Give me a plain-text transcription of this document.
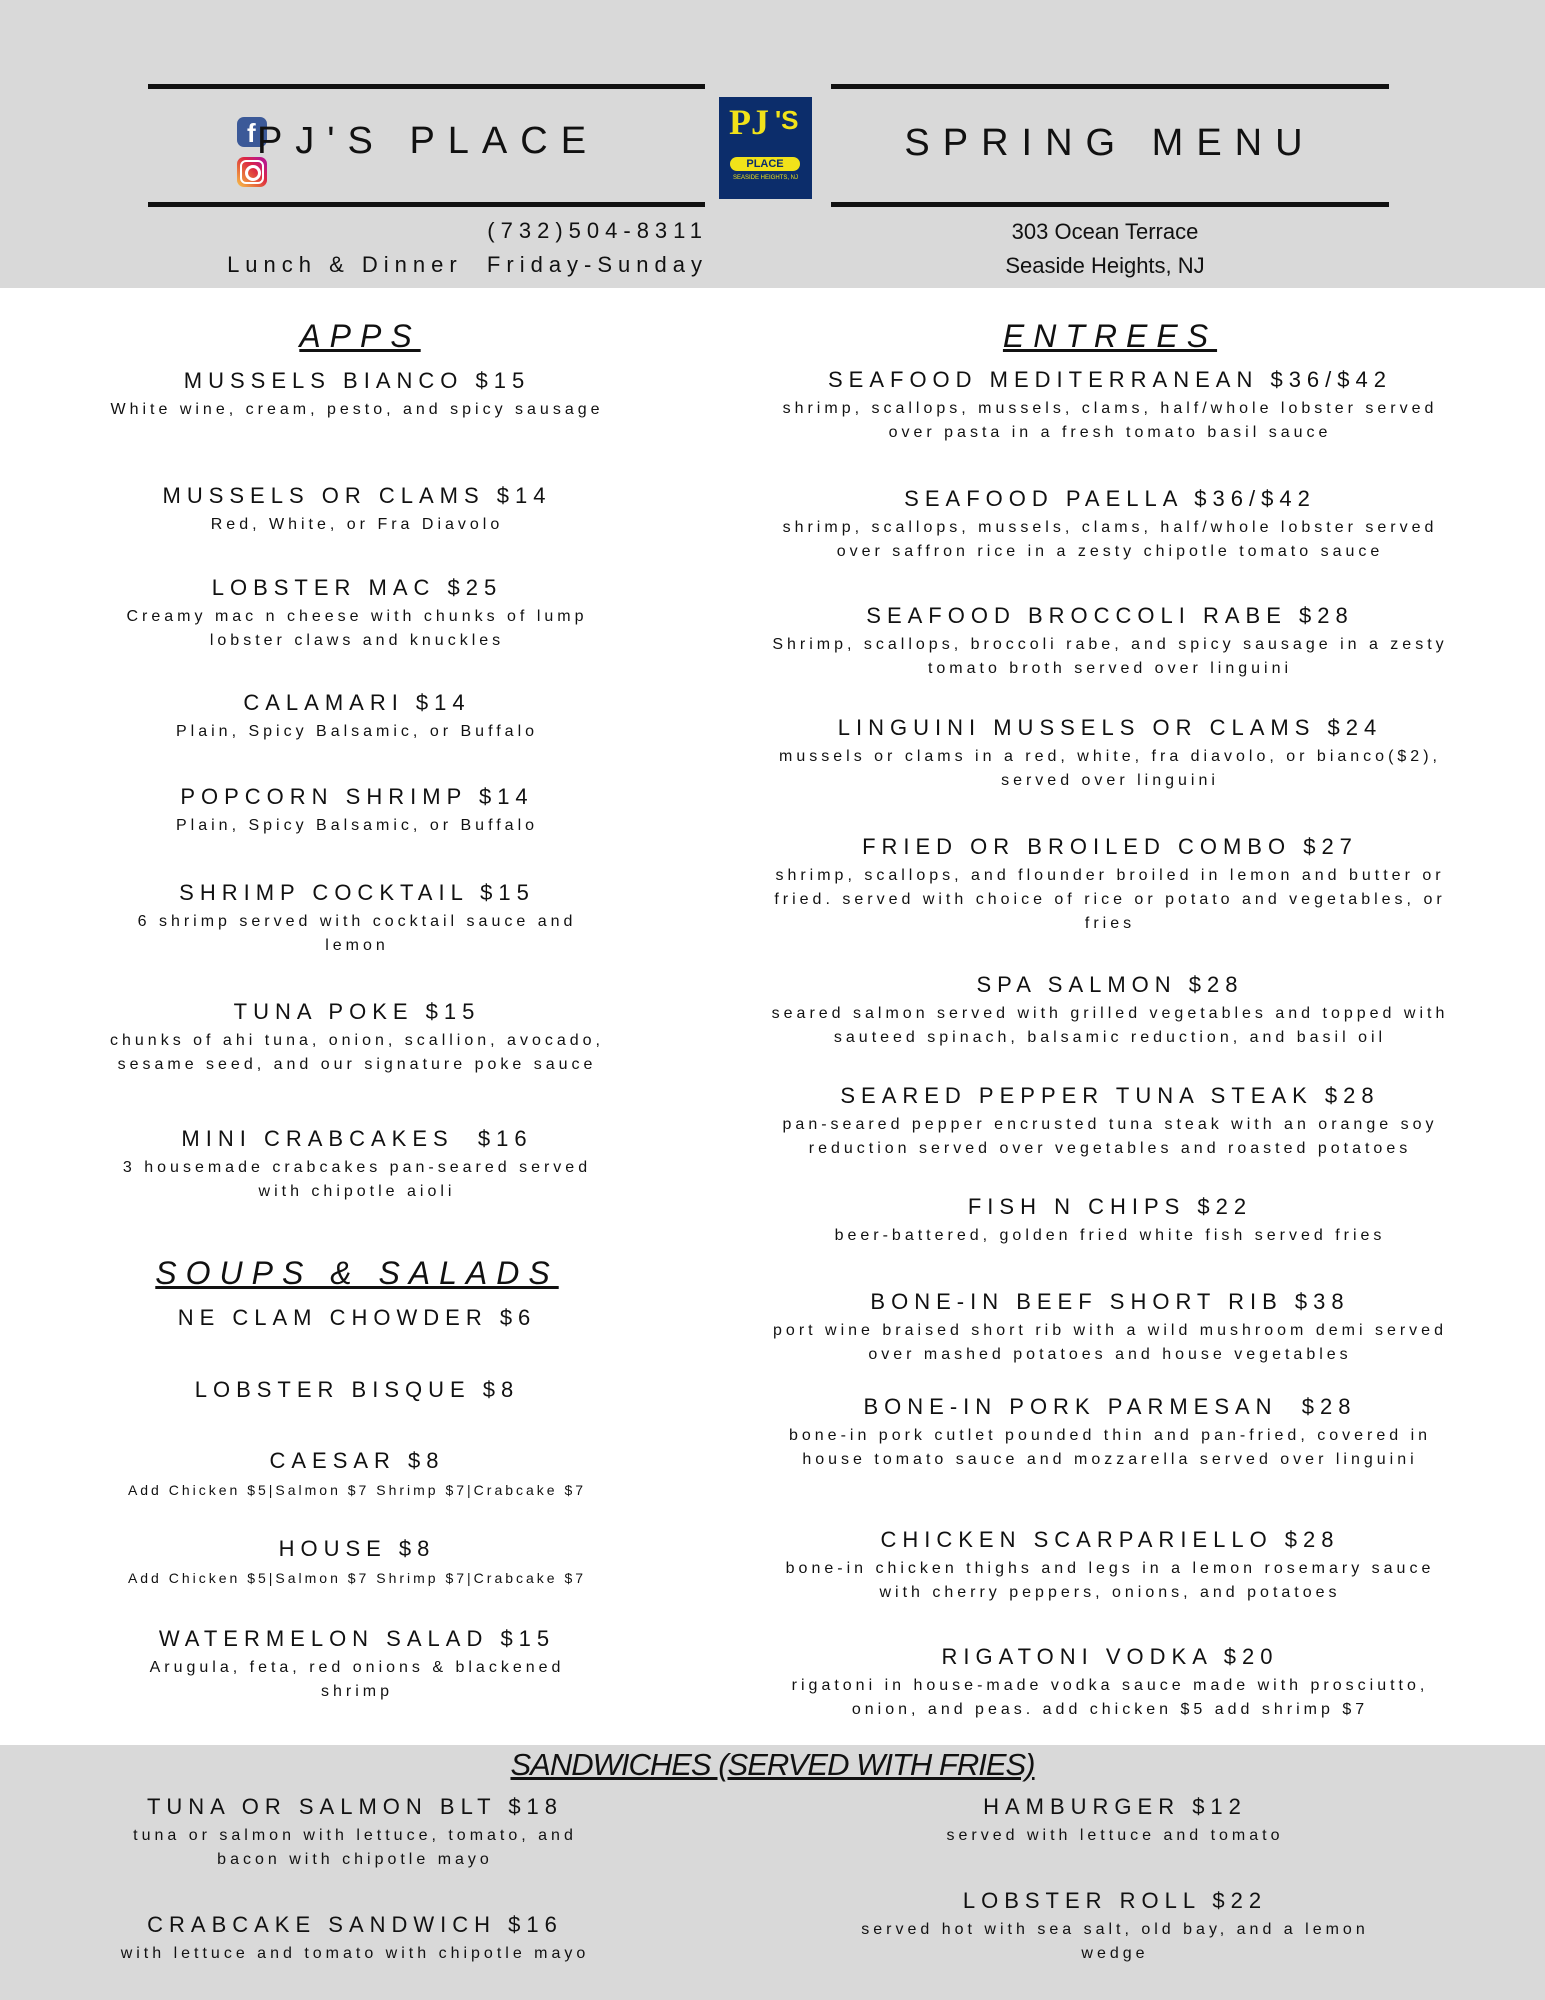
f PJ'S PLACE	PJ 'S
PLACE
SEASIDE HEIGHTS, NJ
SPRING MENU
(732)504-8311
Lunch & Dinner  Friday-Sunday
303 Ocean Terrace
Seaside Heights, NJ
APPS	ENTREES
SOUPS & SALADS
SANDWICHES (SERVED WITH FRIES)
MUSSELS BIANCO $15
White wine, cream, pesto, and spicy sausage
MUSSELS OR CLAMS $14
Red, White, or Fra Diavolo
LOBSTER MAC $25
Creamy mac n cheese with chunks of lump lobster claws and knuckles
CALAMARI $14
Plain, Spicy Balsamic, or Buffalo
POPCORN SHRIMP $14
Plain, Spicy Balsamic, or Buffalo
SHRIMP COCKTAIL $15
6 shrimp served with cocktail sauce and lemon
TUNA POKE $15
chunks of ahi tuna, onion, scallion, avocado, sesame seed, and our signature poke sauce
MINI CRABCAKES  $16
3 housemade crabcakes pan-seared served with chipotle aioli
NE CLAM CHOWDER $6
LOBSTER BISQUE $8
CAESAR $8
Add Chicken $5|Salmon $7 Shrimp $7|Crabcake $7
HOUSE $8
Add Chicken $5|Salmon $7 Shrimp $7|Crabcake $7
WATERMELON SALAD $15
Arugula, feta, red onions & blackened shrimp
SEAFOOD MEDITERRANEAN $36/$42
shrimp, scallops, mussels, clams, half/whole lobster served over pasta in a fresh tomato basil sauce
SEAFOOD PAELLA $36/$42
shrimp, scallops, mussels, clams, half/whole lobster served over saffron rice in a zesty chipotle tomato sauce
SEAFOOD BROCCOLI RABE $28
Shrimp, scallops, broccoli rabe, and spicy sausage in a zesty tomato broth served over linguini
LINGUINI MUSSELS OR CLAMS $24
mussels or clams in a red, white, fra diavolo, or bianco($2), served over linguini
FRIED OR BROILED COMBO $27
shrimp, scallops, and flounder broiled in lemon and butter or fried. served with choice of rice or potato and vegetables, or fries
SPA SALMON $28
seared salmon served with grilled vegetables and topped with sauteed spinach, balsamic reduction, and basil oil
SEARED PEPPER TUNA STEAK $28
pan-seared pepper encrusted tuna steak with an orange soy reduction served over vegetables and roasted potatoes
FISH N CHIPS $22
beer-battered, golden fried white fish served fries
BONE-IN BEEF SHORT RIB $38
port wine braised short rib with a wild mushroom demi served over mashed potatoes and house vegetables
BONE-IN PORK PARMESAN  $28
bone-in pork cutlet pounded thin and pan-fried, covered in house tomato sauce and mozzarella served over linguini
CHICKEN SCARPARIELLO $28
bone-in chicken thighs and legs in a lemon rosemary sauce with cherry peppers, onions, and potatoes
RIGATONI VODKA $20
rigatoni in house-made vodka sauce made with prosciutto, onion, and peas. add chicken $5 add shrimp $7
TUNA OR SALMON BLT $18
tuna or salmon with lettuce, tomato, and bacon with chipotle mayo
CRABCAKE SANDWICH $16
with lettuce and tomato with chipotle mayo
HAMBURGER $12
served with lettuce and tomato
LOBSTER ROLL $22
served hot with sea salt, old bay, and a lemon wedge
